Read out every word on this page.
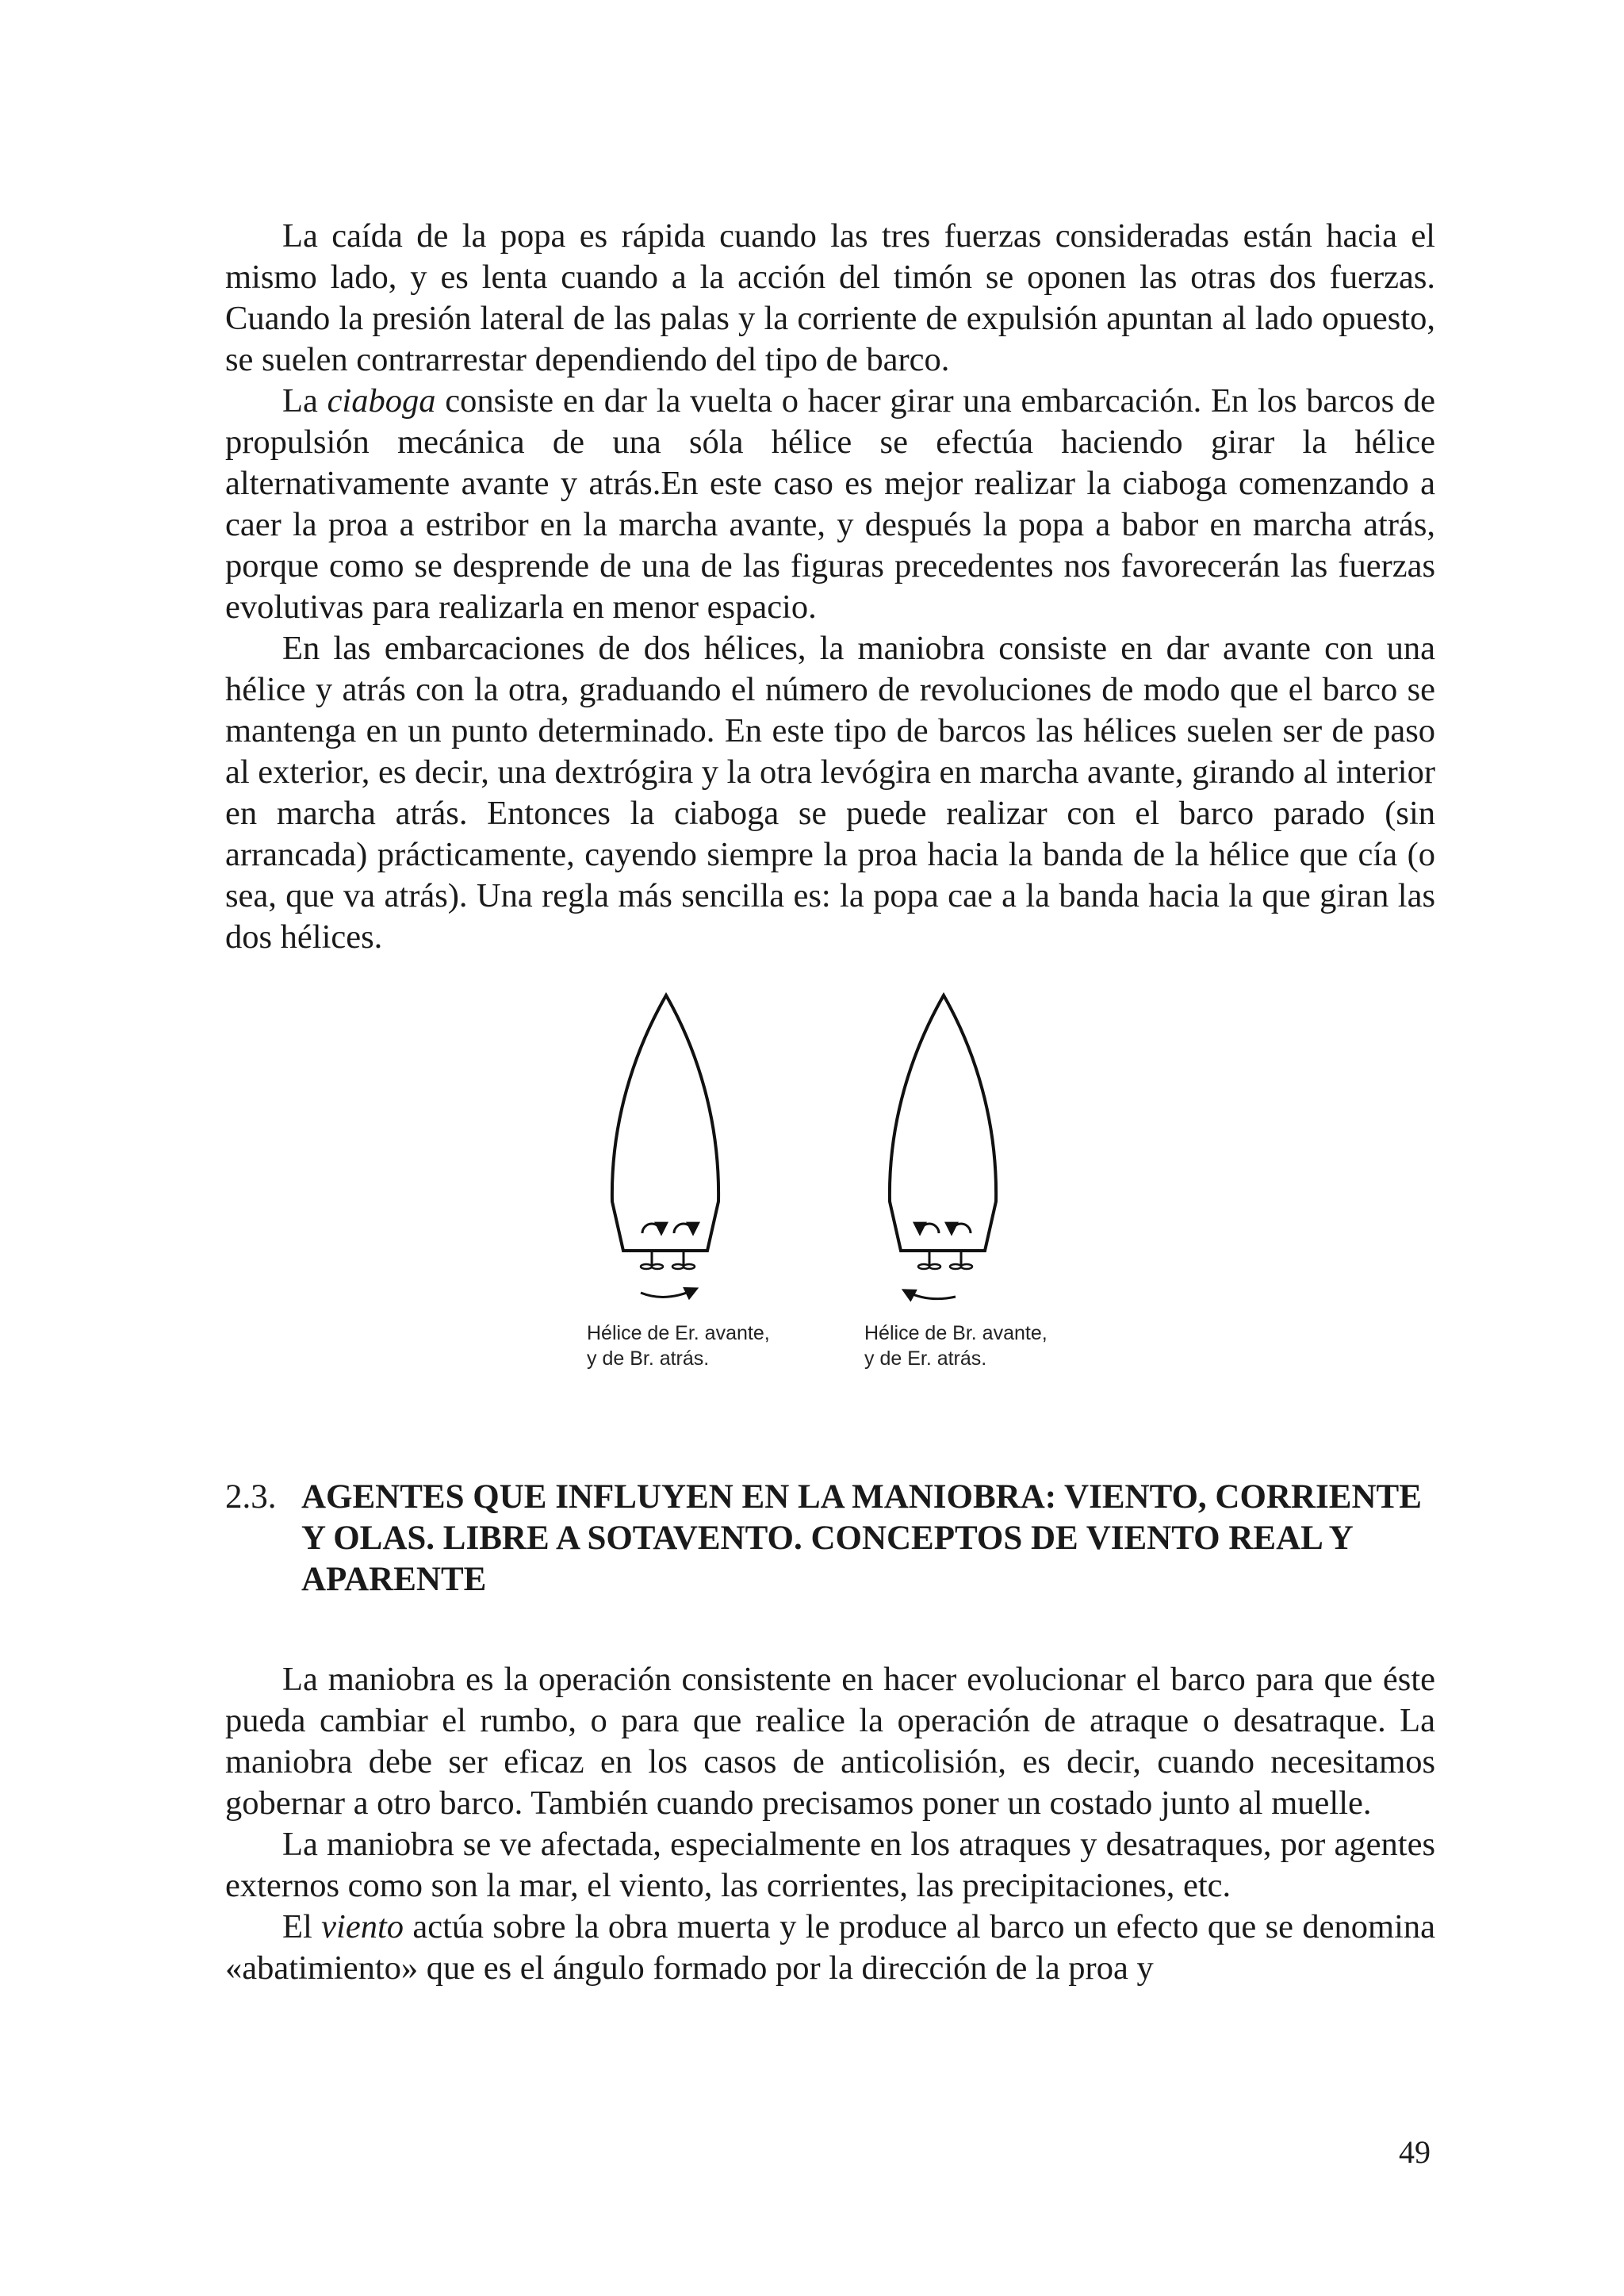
La caída de la popa es rápida cuando las tres fuerzas consideradas están hacia el mismo lado, y es lenta cuando a la acción del timón se oponen las otras dos fuerzas. Cuando la presión lateral de las palas y la corriente de expulsión apuntan al lado opuesto, se suelen contrarrestar dependiendo del tipo de barco.

La ciaboga consiste en dar la vuelta o hacer girar una embarcación. En los barcos de propulsión mecánica de una sóla hélice se efectúa haciendo girar la hélice alternativamente avante y atrás.En este caso es mejor realizar la ciaboga comenzando a caer la proa a estribor en la marcha avante, y después la popa a babor en marcha atrás, porque como se desprende de una de las figuras precedentes nos favorecerán las fuerzas evolutivas para realizarla en menor espacio.

En las embarcaciones de dos hélices, la maniobra consiste en dar avante con una hélice y atrás con la otra, graduando el número de revoluciones de modo que el barco se mantenga en un punto determinado. En este tipo de barcos las hélices suelen ser de paso al exterior, es decir, una dextrógira y la otra levógira en marcha avante, girando al interior en marcha atrás. Entonces la ciaboga se puede realizar con el barco parado (sin arrancada) prácticamente, cayendo siempre la proa hacia la banda de la hélice que cía (o sea, que va atrás). Una regla más sencilla es: la popa cae a la banda hacia la que giran las dos hélices.

Hélice de Er. avante,
y de Br. atrás.
Hélice de Br. avante,
y de Er. atrás.
2.3. AGENTES QUE INFLUYEN EN LA MANIOBRA: VIENTO, CORRIENTE Y OLAS. LIBRE A SOTAVENTO. CONCEPTOS DE VIENTO REAL Y APARENTE

La maniobra es la operación consistente en hacer evolucionar el barco para que éste pueda cambiar el rumbo, o para que realice la operación de atraque o desatraque. La maniobra debe ser eficaz en los casos de anticolisión, es decir, cuando necesitamos gobernar a otro barco. También cuando precisamos poner un costado junto al muelle.

La maniobra se ve afectada, especialmente en los atraques y desatraques, por agentes externos como son la mar, el viento, las corrientes, las precipitaciones, etc.

El viento actúa sobre la obra muerta y le produce al barco un efecto que se denomina «abatimiento» que es el ángulo formado por la dirección de la proa y

49
